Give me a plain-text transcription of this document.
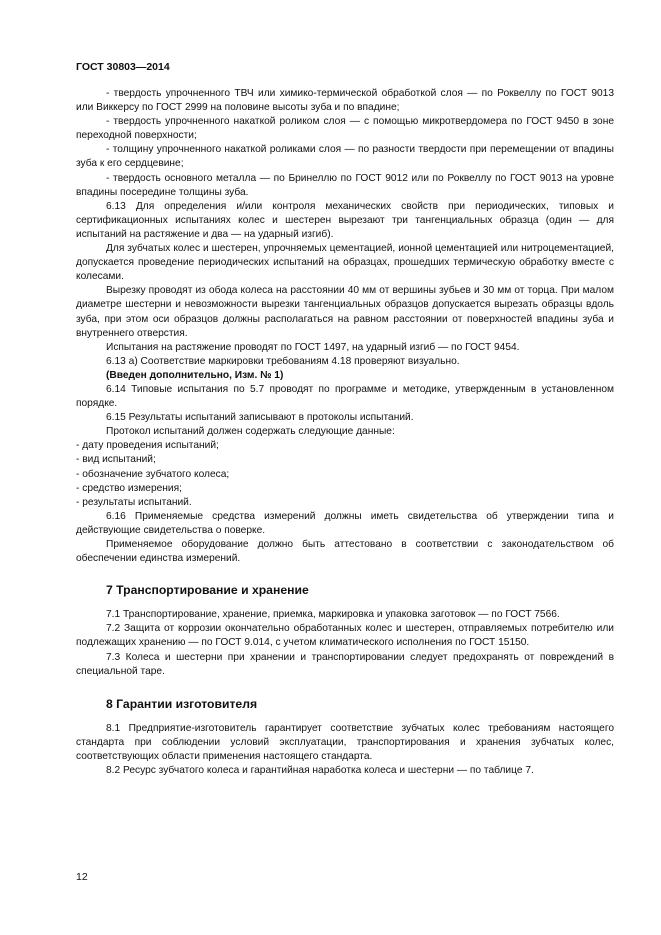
ГОСТ 30803—2014

- твердость упрочненного ТВЧ или химико-термической обработкой слоя — по Роквеллу по ГОСТ 9013 или Виккерсу по ГОСТ 2999 на половине высоты зуба и по впадине;

- твердость упрочненного накаткой роликом слоя — с помощью микротвердомера по ГОСТ 9450 в зоне переходной поверхности;

- толщину упрочненного накаткой роликами слоя — по разности твердости при перемещении от впадины зуба к его сердцевине;

- твердость основного металла — по Бринеллю по ГОСТ 9012 или по Роквеллу по ГОСТ 9013 на уровне впадины посередине толщины зуба.

6.13 Для определения и/или контроля механических свойств при периодических, типовых и сертификационных испытаниях колес и шестерен вырезают три тангенциальных образца (один — для испытаний на растяжение и два — на ударный изгиб).

Для зубчатых колес и шестерен, упрочняемых цементацией, ионной цементацией или нитроцементацией, допускается проведение периодических испытаний на образцах, прошедших термическую обработку вместе с колесами.

Вырезку проводят из обода колеса на расстоянии 40 мм от вершины зубьев и 30 мм от торца. При малом диаметре шестерни и невозможности вырезки тангенциальных образцов допускается вырезать образцы вдоль зуба, при этом оси образцов должны располагаться на равном расстоянии от поверхностей впадины зуба и внутреннего отверстия.

Испытания на растяжение проводят по ГОСТ 1497, на ударный изгиб — по ГОСТ 9454.

6.13 а) Соответствие маркировки требованиям 4.18 проверяют визуально.

(Введен дополнительно, Изм. № 1)

6.14 Типовые испытания по 5.7 проводят по программе и методике, утвержденным в установленном порядке.

6.15 Результаты испытаний записывают в протоколы испытаний.

Протокол испытаний должен содержать следующие данные:

- дату проведения испытаний;

- вид испытаний;

- обозначение зубчатого колеса;

- средство измерения;

- результаты испытаний.

6.16 Применяемые средства измерений должны иметь свидетельства об утверждении типа и действующие свидетельства о поверке.

Применяемое оборудование должно быть аттестовано в соответствии с законодательством об обеспечении единства измерений.

7 Транспортирование и хранение

7.1 Транспортирование, хранение, приемка, маркировка и упаковка заготовок — по ГОСТ 7566.

7.2 Защита от коррозии окончательно обработанных колес и шестерен, отправляемых потребителю или подлежащих хранению — по ГОСТ 9.014, с учетом климатического исполнения по ГОСТ 15150.

7.3 Колеса и шестерни при хранении и транспортировании следует предохранять от повреждений в специальной таре.

8 Гарантии изготовителя

8.1 Предприятие-изготовитель гарантирует соответствие зубчатых колес требованиям настоящего стандарта при соблюдении условий эксплуатации, транспортирования и хранения зубчатых колес, соответствующих области применения настоящего стандарта.

8.2 Ресурс зубчатого колеса и гарантийная наработка колеса и шестерни — по таблице 7.

12
